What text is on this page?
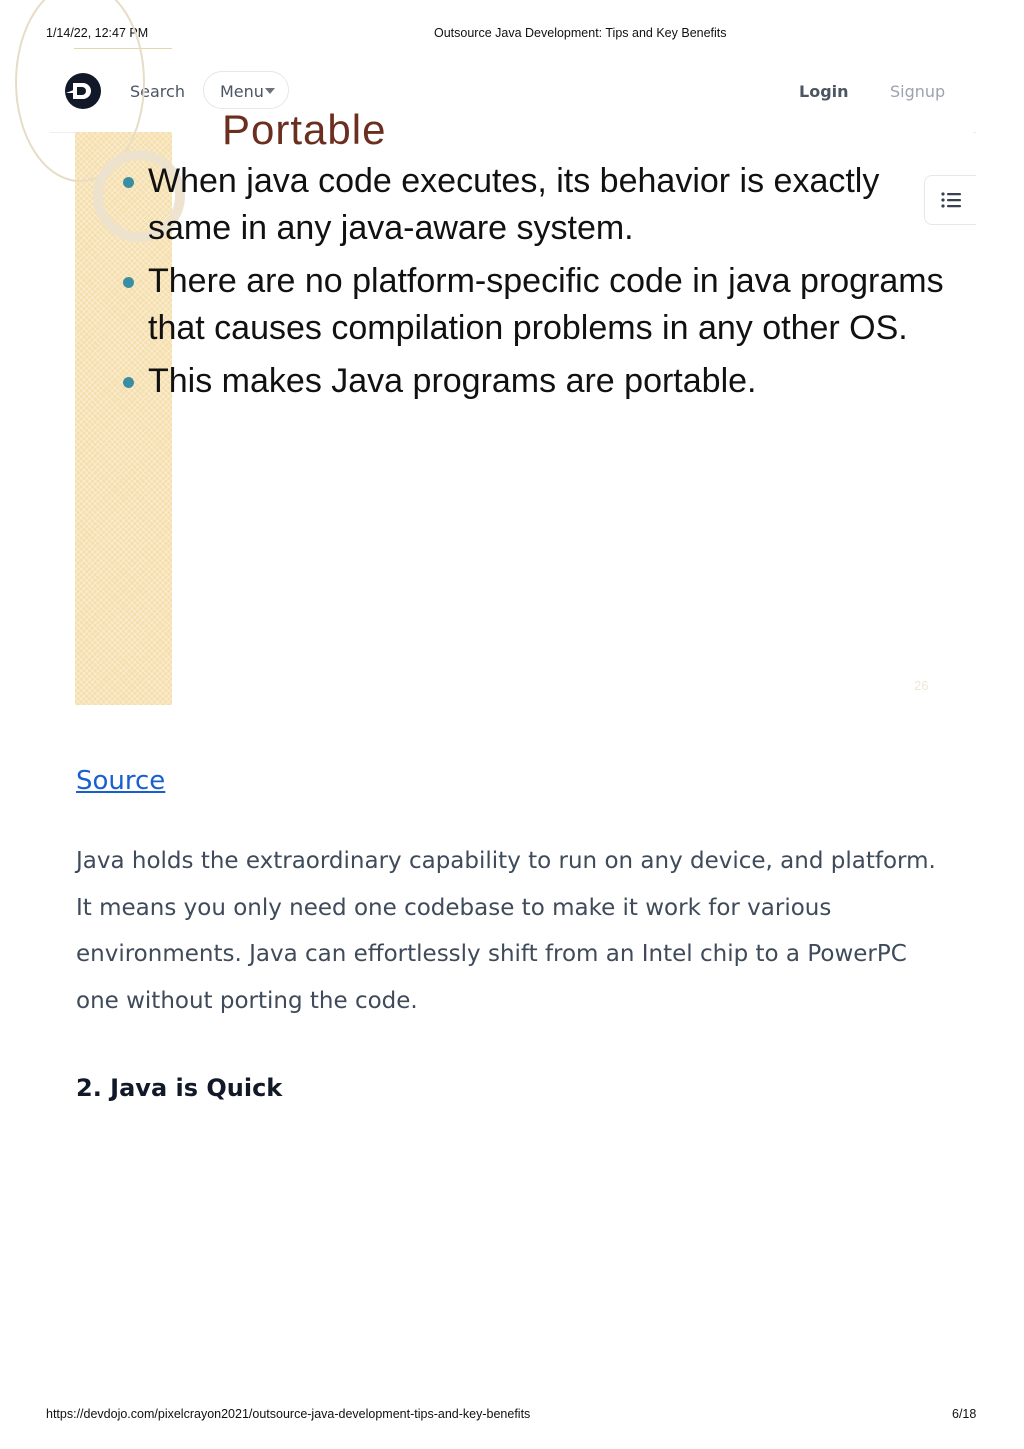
1/14/22, 12:47 PM	Outsource Java Development: Tips and Key Benefits
Search Menu	Login	Signup
Portable
When java code executes, its behavior is exactly same in any java-aware system.
There are no platform-specific code in java programs that causes compilation problems in any other OS.
This makes Java programs are portable.
26
Source

Java holds the extraordinary capability to run on any device, and platform. It means you only need one codebase to make it work for various environments. Java can effortlessly shift from an Intel chip to a PowerPC one without porting the code.

2. Java is Quick
https://devdojo.com/pixelcrayon2021/outsource-java-development-tips-and-key-benefits	6/18
